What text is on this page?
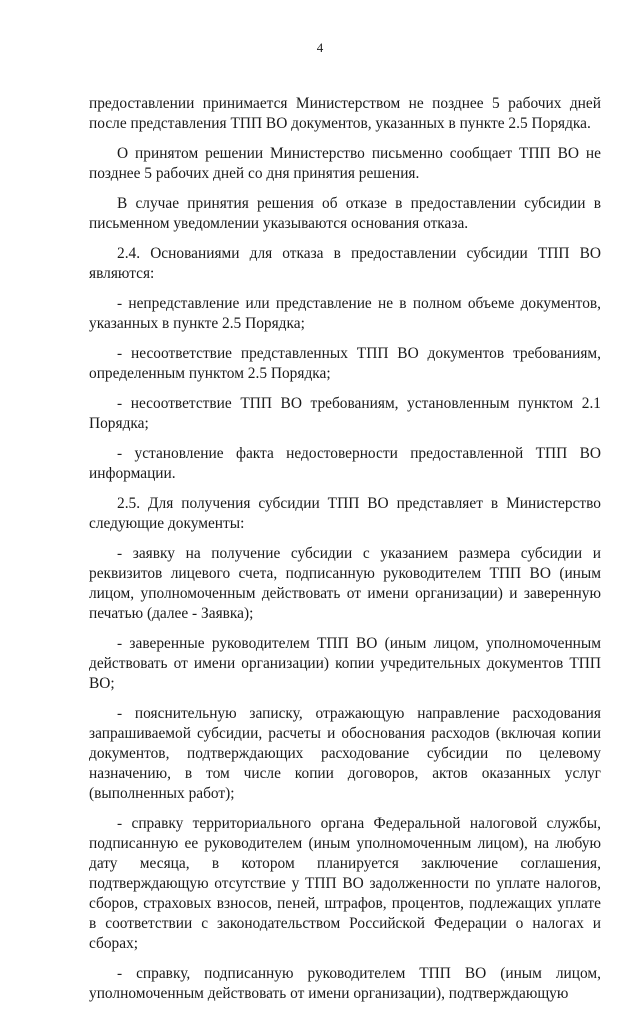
4

предоставлении принимается Министерством не позднее 5 рабочих дней после представления ТПП ВО документов, указанных в пункте 2.5 Порядка.

О принятом решении Министерство письменно сообщает ТПП ВО не позднее 5 рабочих дней со дня принятия решения.

В случае принятия решения об отказе в предоставлении субсидии в письменном уведомлении указываются основания отказа.

2.4. Основаниями для отказа в предоставлении субсидии ТПП ВО являются:

- непредставление или представление не в полном объеме документов, указанных в пункте 2.5 Порядка;

- несоответствие представленных ТПП ВО документов требованиям, определенным пунктом 2.5 Порядка;

- несоответствие ТПП ВО требованиям, установленным пунктом 2.1 Порядка;

- установление факта недостоверности предоставленной ТПП ВО информации.

2.5. Для получения субсидии ТПП ВО представляет в Министерство следующие документы:

- заявку на получение субсидии с указанием размера субсидии и реквизитов лицевого счета, подписанную руководителем ТПП ВО (иным лицом, уполномоченным действовать от имени организации) и заверенную печатью (далее - Заявка);

- заверенные руководителем ТПП ВО (иным лицом, уполномоченным действовать от имени организации) копии учредительных документов ТПП ВО;

- пояснительную записку, отражающую направление расходования запрашиваемой субсидии, расчеты и обоснования расходов (включая копии документов, подтверждающих расходование субсидии по целевому назначению, в том числе копии договоров, актов оказанных услуг (выполненных работ);

- справку территориального органа Федеральной налоговой службы, подписанную ее руководителем (иным уполномоченным лицом), на любую дату месяца, в котором планируется заключение соглашения, подтверждающую отсутствие у ТПП ВО задолженности по уплате налогов, сборов, страховых взносов, пеней, штрафов, процентов, подлежащих уплате в соответствии с законодательством Российской Федерации о налогах и сборах;

- справку, подписанную руководителем ТПП ВО (иным лицом, уполномоченным действовать от имени организации), подтверждающую
